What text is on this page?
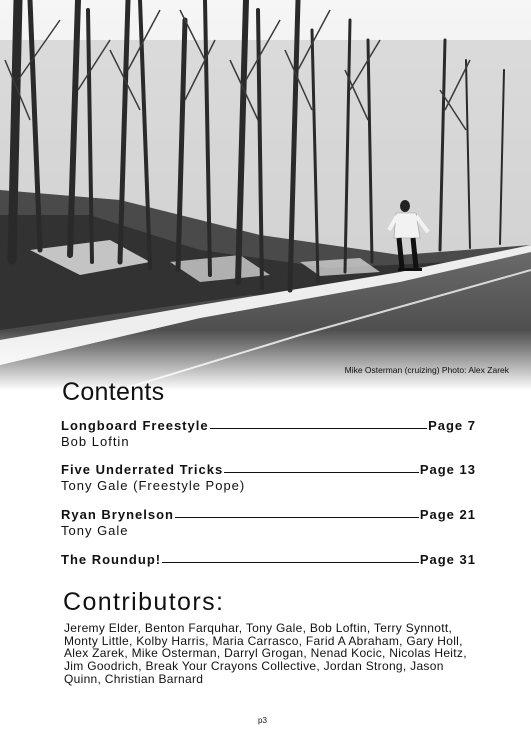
Mike Osterman (cruizing) Photo: Alex Zarek
Contents
Longboard Freestyle	Page 7
Bob Loftin
Five Underrated Tricks	Page 13
Tony Gale (Freestyle Pope)
Ryan Brynelson	Page 21
Tony Gale
The Roundup!	Page 31
Contributors:

Jeremy Elder, Benton Farquhar, Tony Gale, Bob Loftin, Terry Synnott, Monty Little, Kolby Harris, Maria Carrasco, Farid A Abraham, Gary Holl, Alex Zarek, Mike Osterman, Darryl Grogan, Nenad Kocic, Nicolas Heitz, Jim Goodrich, Break Your Crayons Collective, Jordan Strong, Jason Quinn, Christian Barnard

p3
